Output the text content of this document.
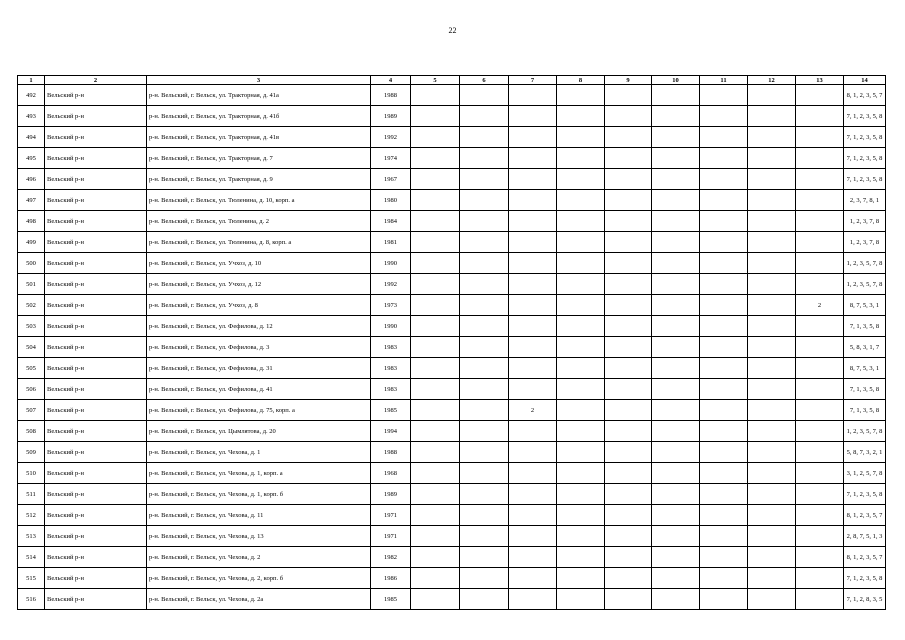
22
1	2	3	4	5	6	7	8	9	10	11	12	13	14
492	Вельский р-н	р-н. Вельский, г. Вельск, ул. Тракторная, д. 41а	1988										8, 1, 2, 3, 5, 7
493	Вельский р-н	р-н. Вельский, г. Вельск, ул. Тракторная, д. 41б	1989										7, 1, 2, 3, 5, 8
494	Вельский р-н	р-н. Вельский, г. Вельск, ул. Тракторная, д. 41в	1992										7, 1, 2, 3, 5, 8
495	Вельский р-н	р-н. Вельский, г. Вельск, ул. Тракторная, д. 7	1974										7, 1, 2, 3, 5, 8
496	Вельский р-н	р-н. Вельский, г. Вельск, ул. Тракторная, д. 9	1967										7, 1, 2, 3, 5, 8
497	Вельский р-н	р-н. Вельский, г. Вельск, ул. Тюленина, д. 10, корп. а	1980										2, 3, 7, 8, 1
498	Вельский р-н	р-н. Вельский, г. Вельск, ул. Тюленина, д. 2	1984										1, 2, 3, 7, 8
499	Вельский р-н	р-н. Вельский, г. Вельск, ул. Тюленина, д. 8, корп. а	1981										1, 2, 3, 7, 8
500	Вельский р-н	р-н. Вельский, г. Вельск, ул. Учхоз, д. 10	1990										1, 2, 3, 5, 7, 8
501	Вельский р-н	р-н. Вельский, г. Вельск, ул. Учхоз, д. 12	1992										1, 2, 3, 5, 7, 8
502	Вельский р-н	р-н. Вельский, г. Вельск, ул. Учхоз, д. 8	1973									2	8, 7, 5, 3, 1
503	Вельский р-н	р-н. Вельский, г. Вельск, ул. Фефилова, д. 12	1990										7, 1, 3, 5, 8
504	Вельский р-н	р-н. Вельский, г. Вельск, ул. Фефилова, д. 3	1983										5, 8, 3, 1, 7
505	Вельский р-н	р-н. Вельский, г. Вельск, ул. Фефилова, д. 31	1983										8, 7, 5, 3, 1
506	Вельский р-н	р-н. Вельский, г. Вельск, ул. Фефилова, д. 41	1983										7, 1, 3, 5, 8
507	Вельский р-н	р-н. Вельский, г. Вельск, ул. Фефилова, д. 75, корп. а	1985			2							7, 1, 3, 5, 8
508	Вельский р-н	р-н. Вельский, г. Вельск, ул. Цымлятова, д. 20	1994										1, 2, 3, 5, 7, 8
509	Вельский р-н	р-н. Вельский, г. Вельск, ул. Чехова, д. 1	1988										5, 8, 7, 3, 2, 1
510	Вельский р-н	р-н. Вельский, г. Вельск, ул. Чехова, д. 1, корп. а	1968										3, 1, 2, 5, 7, 8
511	Вельский р-н	р-н. Вельский, г. Вельск, ул. Чехова, д. 1, корп. б	1989										7, 1, 2, 3, 5, 8
512	Вельский р-н	р-н. Вельский, г. Вельск, ул. Чехова, д. 11	1971										8, 1, 2, 3, 5, 7
513	Вельский р-н	р-н. Вельский, г. Вельск, ул. Чехова, д. 13	1971										2, 8, 7, 5, 1, 3
514	Вельский р-н	р-н. Вельский, г. Вельск, ул. Чехова, д. 2	1982										8, 1, 2, 3, 5, 7
515	Вельский р-н	р-н. Вельский, г. Вельск, ул. Чехова, д. 2, корп. б	1986										7, 1, 2, 3, 5, 8
516	Вельский р-н	р-н. Вельский, г. Вельск, ул. Чехова, д. 2а	1985										7, 1, 2, 8, 3, 5
